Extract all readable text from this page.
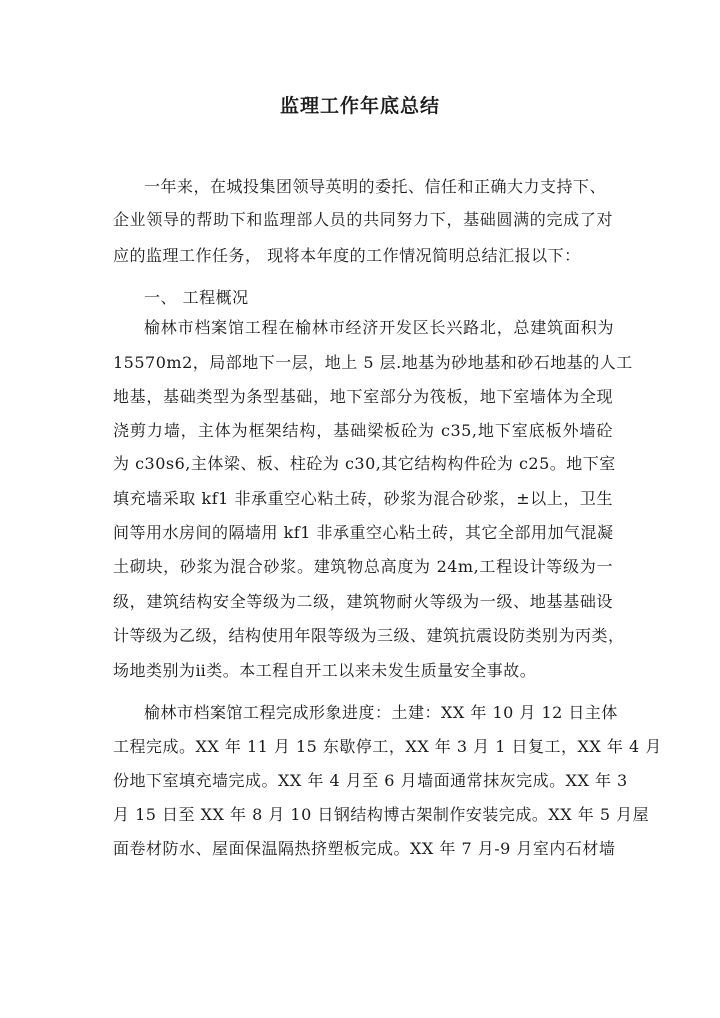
监理工作年底总结
一年来，在城投集团领导英明的委托、信任和正确大力支持下、
企业领导的帮助下和监理部人员的共同努力下，基础圆满的完成了对
应的监理工作任务， 现将本年度的工作情况简明总结汇报以下：
一、 工程概况
榆林市档案馆工程在榆林市经济开发区长兴路北，总建筑面积为
15570m2，局部地下一层，地上 5 层.地基为砂地基和砂石地基的人工
地基，基础类型为条型基础，地下室部分为筏板，地下室墙体为全现
浇剪力墙，主体为框架结构，基础梁板砼为 c35,地下室底板外墙砼
为 c30s6,主体梁、板、柱砼为 c30,其它结构构件砼为 c25。地下室
填充墙采取 kf1 非承重空心粘土砖，砂浆为混合砂浆，±以上，卫生
间等用水房间的隔墙用 kf1 非承重空心粘土砖，其它全部用加气混凝
土砌块，砂浆为混合砂浆。建筑物总高度为 24m,工程设计等级为一
级，建筑结构安全等级为二级，建筑物耐火等级为一级、地基基础设
计等级为乙级，结构使用年限等级为三级、建筑抗震设防类别为丙类，
场地类别为ⅱ类。本工程自开工以来未发生质量安全事故。
榆林市档案馆工程完成形象进度：土建：XX 年 10 月 12 日主体
工程完成。XX 年 11 月 15 东歇停工，XX 年 3 月 1 日复工，XX 年 4 月
份地下室填充墙完成。XX 年 4 月至 6 月墙面通常抹灰完成。XX 年 3
月 15 日至 XX 年 8 月 10 日钢结构博古架制作安装完成。XX 年 5 月屋
面卷材防水、屋面保温隔热挤塑板完成。XX 年 7 月-9 月室内石材墙
